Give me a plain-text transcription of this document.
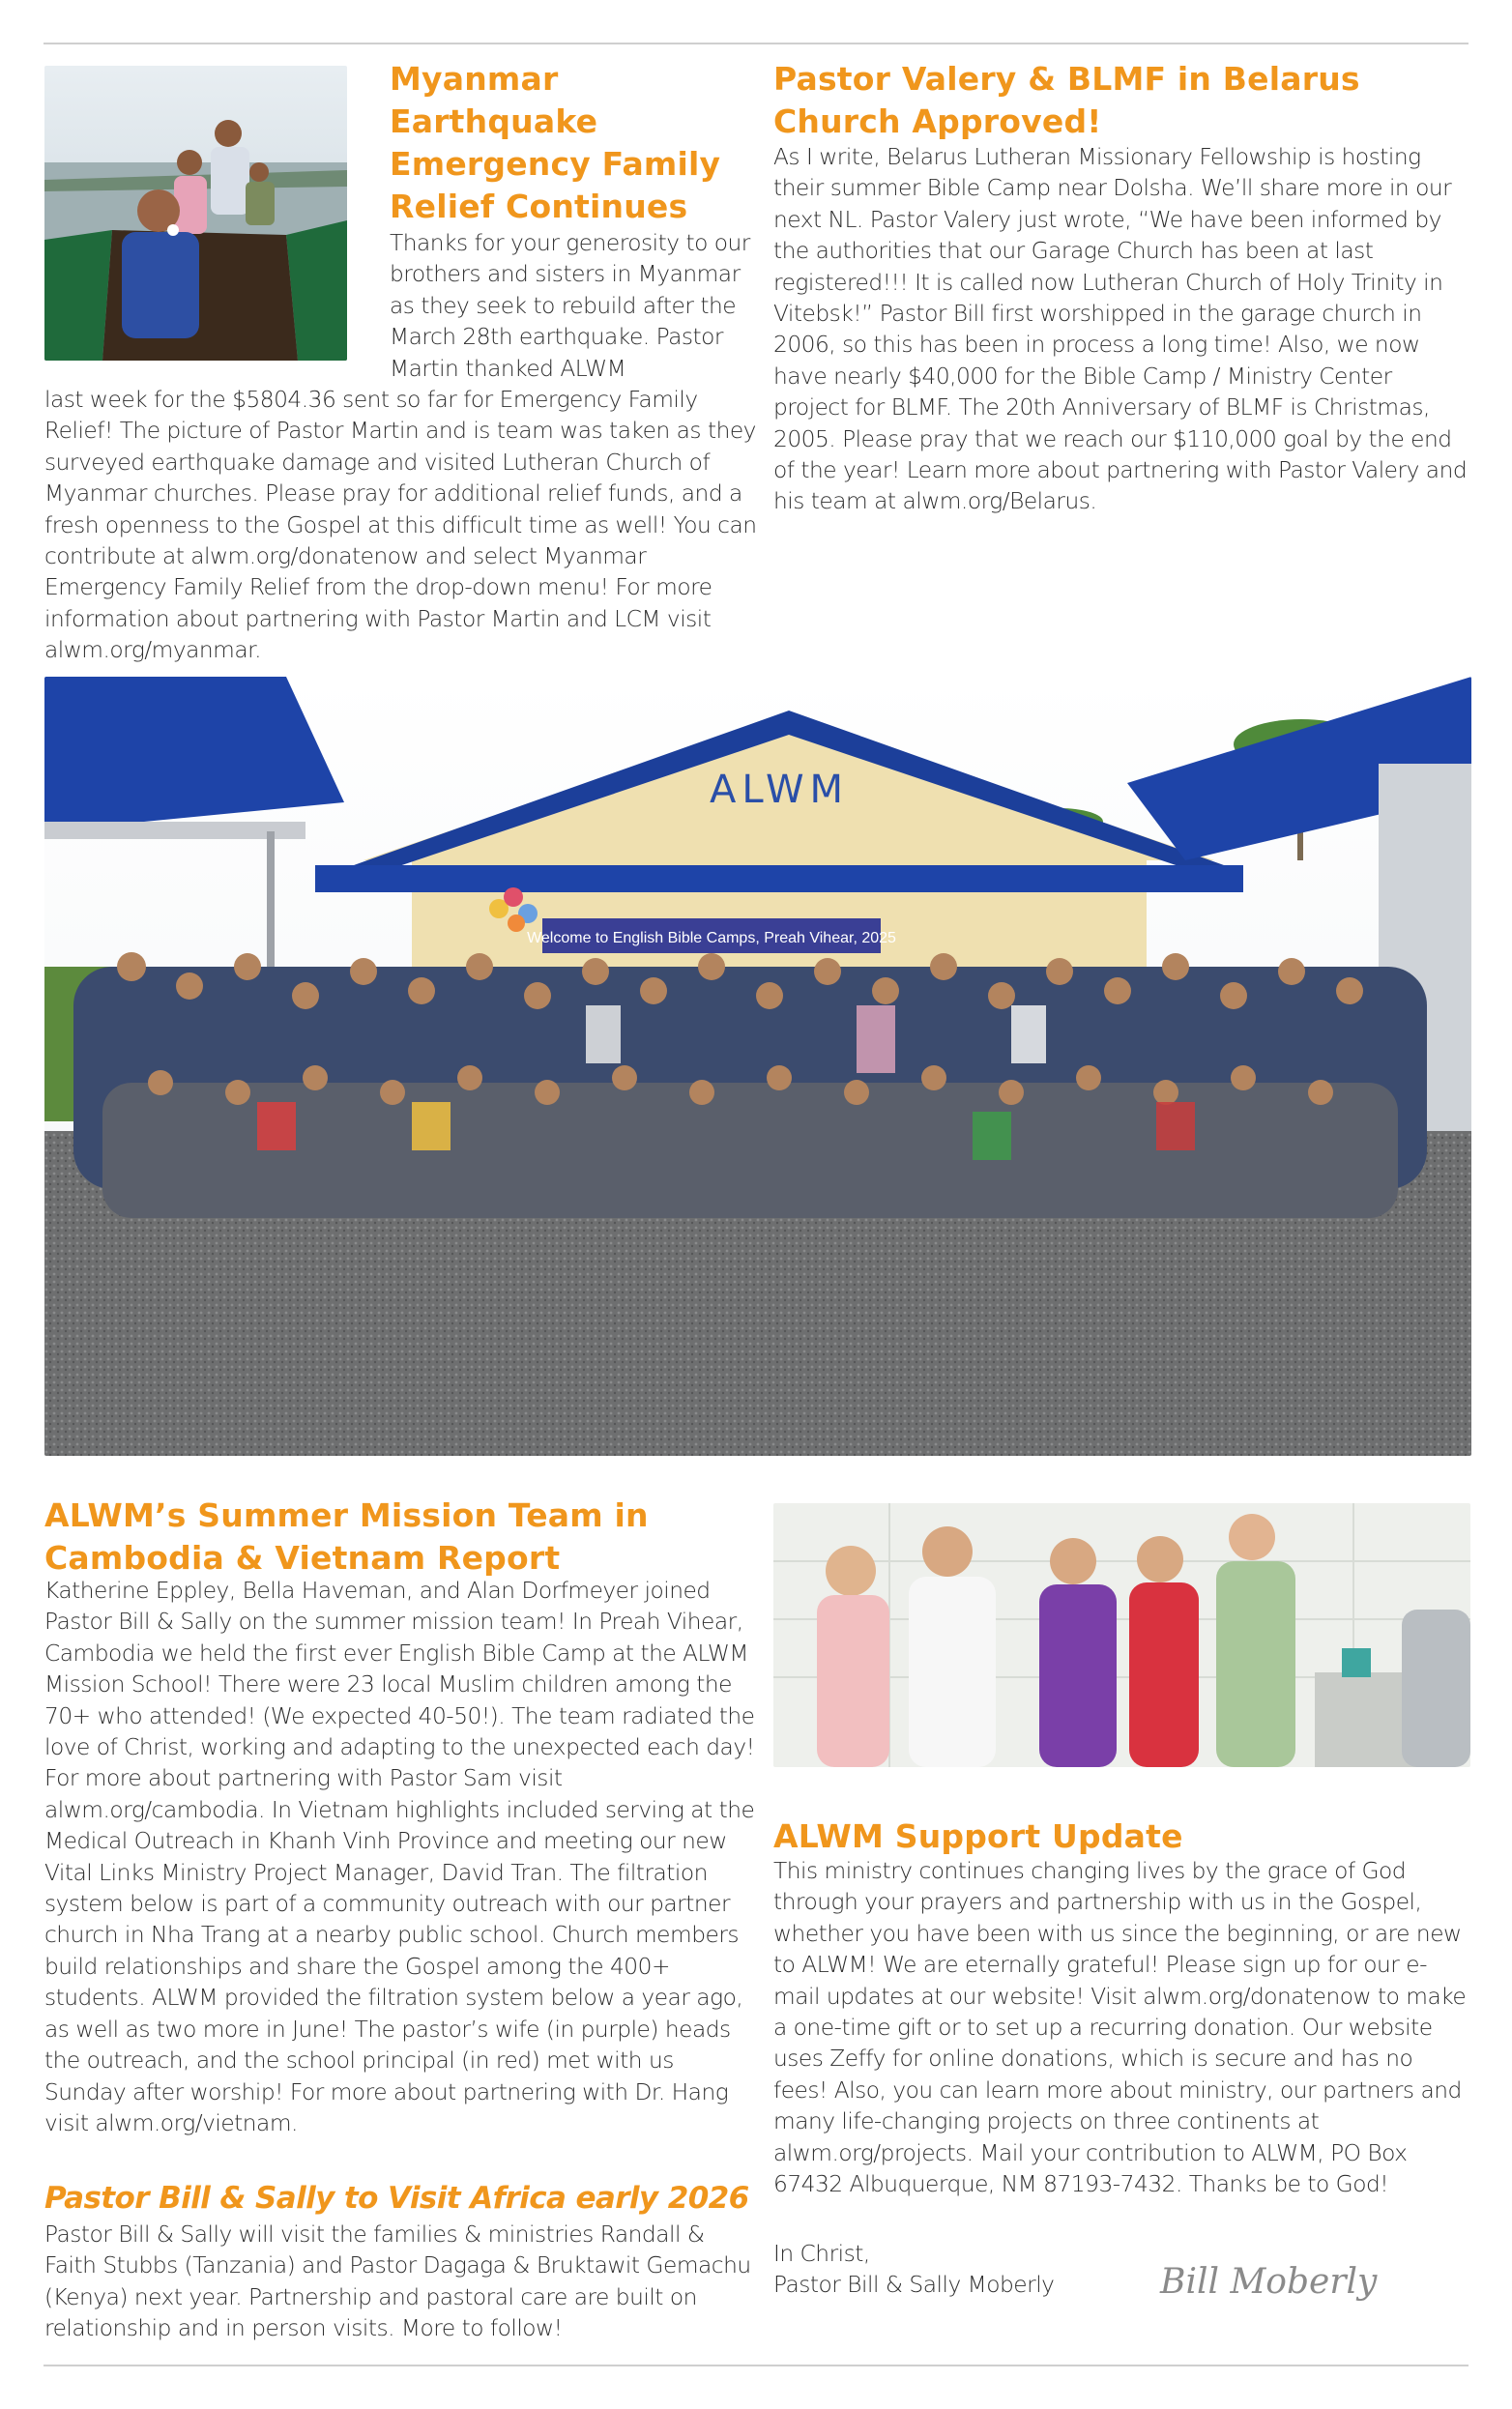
Myanmar Earthquake Emergency Family Relief Continues

Thanks for your generosity to our brothers and sisters in Myanmar as they seek to rebuild after the March 28th earthquake. Pastor Martin thanked ALWM

last week for the $5804.36 sent so far for Emergency Family Relief! The picture of Pastor Martin and is team was taken as they surveyed earthquake damage and visited Lutheran Church of Myanmar churches. Please pray for additional relief funds, and a fresh openness to the Gospel at this difficult time as well! You can contribute at alwm.org/donatenow and select Myanmar Emergency Family Relief from the drop-down menu! For more information about partnering with Pastor Martin and LCM visit alwm.org/myanmar.

Pastor Valery & BLMF in Belarus Church Approved!

As I write, Belarus Lutheran Missionary Fellowship is hosting their summer Bible Camp near Dolsha. We’ll share more in our next NL. Pastor Valery just wrote, “We have been informed by the authorities that our Garage Church has been at last registered!!! It is called now Lutheran Church of Holy Trinity in Vitebsk!” Pastor Bill first worshipped in the garage church in 2006, so this has been in process a long time! Also, we now have nearly $40,000 for the Bible Camp / Ministry Center project for BLMF. The 20th Anniversary of BLMF is Christmas, 2005. Please pray that we reach our $110,000 goal by the end of the year! Learn more about partnering with Pastor Valery and his team at alwm.org/Belarus.

ALWM
Welcome to English Bible Camps, Preah Vihear, 2025
ALWM’s Summer Mission Team in Cambodia & Vietnam Report

Katherine Eppley, Bella Haveman, and Alan Dorfmeyer joined Pastor Bill & Sally on the summer mission team! In Preah Vihear, Cambodia we held the first ever English Bible Camp at the ALWM Mission School! There were 23 local Muslim children among the 70+ who attended! (We expected 40-50!). The team radiated the love of Christ, working and adapting to the unexpected each day! For more about partnering with Pastor Sam visit alwm.org/cambodia. In Vietnam highlights included serving at the Medical Outreach in Khanh Vinh Province and meeting our new Vital Links Ministry Project Manager, David Tran. The filtration system below is part of a community outreach with our partner church in Nha Trang at a nearby public school. Church members build relationships and share the Gospel among the 400+ students. ALWM provided the filtration system below a year ago, as well as two more in June! The pastor’s wife (in purple) heads the outreach, and the school principal (in red) met with us Sunday after worship! For more about partnering with Dr. Hang visit alwm.org/vietnam.

Pastor Bill & Sally to Visit Africa early 2026

Pastor Bill & Sally will visit the families & ministries Randall & Faith Stubbs (Tanzania) and Pastor Dagaga & Bruktawit Gemachu (Kenya) next year. Partnership and pastoral care are built on relationship and in person visits. More to follow!

ALWM Support Update

This ministry continues changing lives by the grace of God through your prayers and partnership with us in the Gospel, whether you have been with us since the beginning, or are new to ALWM! We are eternally grateful! Please sign up for our e-mail updates at our website! Visit alwm.org/donatenow to make a one-time gift or to set up a recurring donation. Our website uses Zeffy for online donations, which is secure and has no fees! Also, you can learn more about ministry, our partners and many life-changing projects on three continents at alwm.org/projects. Mail your contribution to ALWM, PO Box 67432 Albuquerque, NM 87193-7432. Thanks be to God!

In Christ,
Pastor Bill & Sally Moberly	Bill Moberly
